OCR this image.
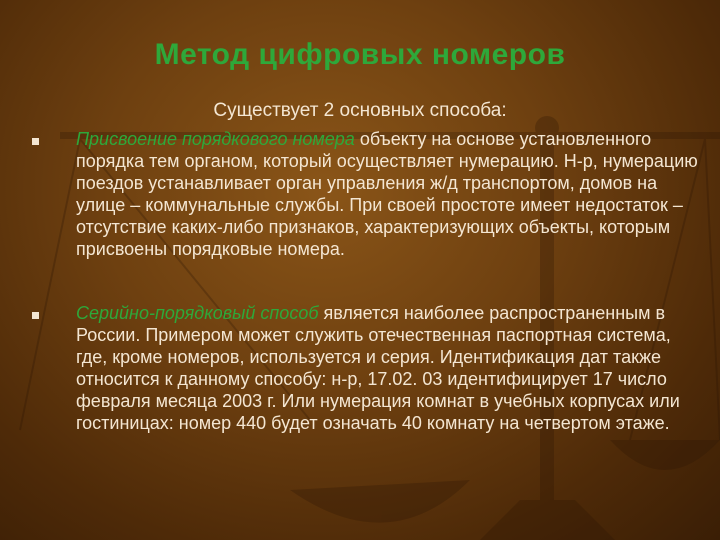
Метод цифровых номеров
Существует 2 основных способа:
Присвоение порядкового номера объекту на основе установленного порядка тем органом, который осуществляет нумерацию. Н-р, нумерацию поездов устанавливает орган управления ж/д транспортом, домов на улице – коммунальные службы. При своей простоте имеет недостаток – отсутствие каких-либо признаков, характеризующих объекты, которым присвоены порядковые номера.
Серийно-порядковый способ является наиболее распространенным в России. Примером может служить отечественная паспортная система, где, кроме номеров, используется и серия. Идентификация дат также относится к данному способу: н-р, 17.02. 03 идентифицирует 17 число февраля месяца 2003 г. Или нумерация комнат в учебных корпусах или гостиницах: номер 440 будет означать 40 комнату на четвертом этаже.
